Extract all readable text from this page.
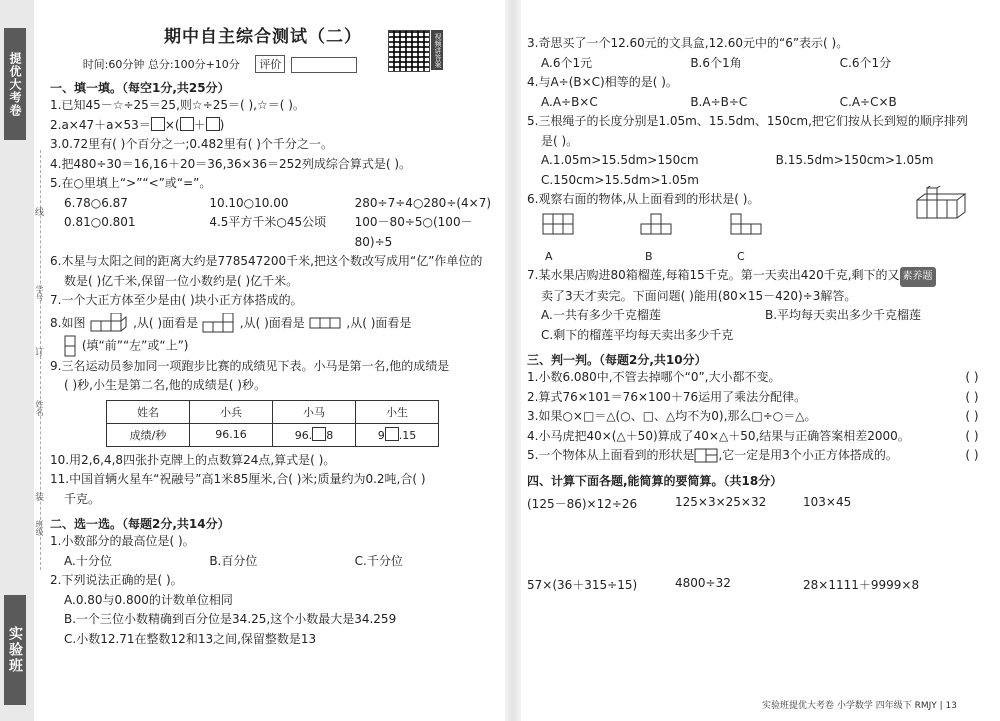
提优大考卷
实验班
线
订
装
学号
姓名
班级
视频讲答案
期中自主综合测试（二）
时间:60分钟 总分:100分+10分 评价
一、填一填。（每空1分,共25分）
1.已知45－☆÷25＝25,则☆÷25＝( ),☆＝( )。
2.a×47＋a×53＝ ×( ＋ )
3.0.72里有( )个百分之一;0.482里有( )个千分之一。
4.把480÷30＝16,16＋20＝36,36×36＝252列成综合算式是( )。
5.在○里填上“>”“<”或“=”。
6.78○6.87	10.10○10.00	280÷7÷4○280÷(4×7)
0.81○0.801	4.5平方千米○45公顷	100－80÷5○(100－80)÷5
6.木星与太阳之间的距离大约是778547200千米,把这个数改写成用“亿”作单位的
数是( )亿千米,保留一位小数约是( )亿千米。
7.一个大正方体至少是由( )块小正方体搭成的。
8.如图	,从( )面看是	,从( )面看是	,从( )面看是
(填“前”“左”或“上”)
9.三名运动员参加同一项跑步比赛的成绩见下表。小马是第一名,他的成绩是
( )秒,小生是第二名,他的成绩是( )秒。
姓名	小兵	小马	小生
成绩/秒	96.16	96. 8	9 .15
10.用2,6,4,8四张扑克牌上的点数算24点,算式是( )。
11.中国首辆火星车“祝融号”高1米85厘米,合( )米;质量约为0.2吨,合( )
千克。
二、选一选。（每题2分,共14分）
1.小数部分的最高位是( )。
A.十分位	B.百分位	C.千分位
2.下列说法正确的是( )。
A.0.80与0.800的计数单位相同
B.一个三位小数精确到百分位是34.25,这个小数最大是34.259
C.小数12.71在整数12和13之间,保留整数是13
3.奇思买了一个12.60元的文具盒,12.60元中的“6”表示( )。
A.6个1元	B.6个1角	C.6个1分
4.与A÷(B×C)相等的是( )。
A.A÷B×C	B.A÷B÷C	C.A÷C×B
5.三根绳子的长度分别是1.05m、15.5dm、150cm,把它们按从长到短的顺序排列
是( )。
A.1.05m>15.5dm>150cm	B.15.5dm>150cm>1.05m
C.150cm>15.5dm>1.05m
6.观察右面的物体,从上面看到的形状是( )。
A	B	C
7.某水果店购进80箱榴莲,每箱15千克。第一天卖出420千克,剩下的又 素养题
卖了3天才卖完。下面问题( )能用(80×15－420)÷3解答。
A.一共有多少千克榴莲	B.平均每天卖出多少千克榴莲
C.剩下的榴莲平均每天卖出多少千克
三、判一判。（每题2分,共10分）
1.小数6.080中,不管去掉哪个“0”,大小都不变。	( )
2.算式76×101＝76×100＋76运用了乘法分配律。	( )
3.如果○×□＝△(○、□、△均不为0),那么□÷○＝△。	( )
4.小马虎把40×(△＋50)算成了40×△＋50,结果与正确答案相差2000。	( )
5.一个物体从上面看到的形状是 ,它一定是用3个小正方体搭成的。	( )
四、计算下面各题,能简算的要简算。（共18分）
(125－86)×12÷26	125×3×25×32	103×45
57×(36＋315÷15)	4800÷32	28×1111＋9999×8
实验班提优大考卷 小学数学 四年级下 RMJY | 13
